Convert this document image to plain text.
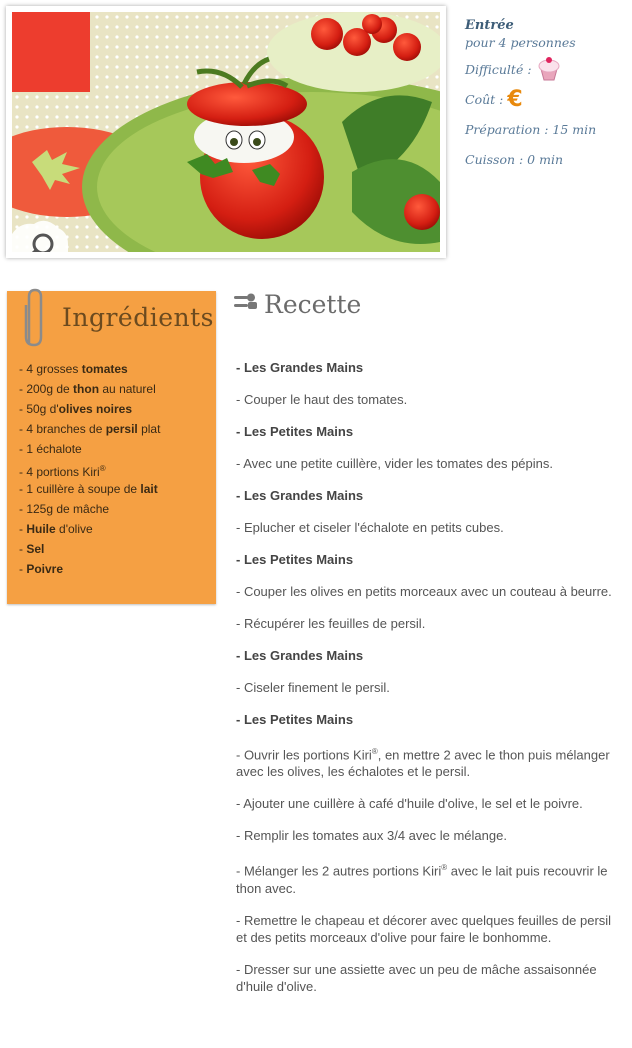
Entrée
pour 4 personnes
Difficulté :
Coût : €
Préparation : 15 min
Cuisson : 0 min
Ingrédients
- 4 grosses tomates
- 200g de thon au naturel
- 50g d'olives noires
- 4 branches de persil plat
- 1 échalote
- 4 portions Kiri®
- 1 cuillère à soupe de lait
- 125g de mâche
- Huile d'olive
- Sel
- Poivre
Recette

- Les Grandes Mains

- Couper le haut des tomates.

- Les Petites Mains

- Avec une petite cuillère, vider les tomates des pépins.

- Les Grandes Mains

- Eplucher et ciseler l'échalote en petits cubes.

- Les Petites Mains

- Couper les olives en petits morceaux avec un couteau à beurre.

- Récupérer les feuilles de persil.

- Les Grandes Mains

- Ciseler finement le persil.

- Les Petites Mains

- Ouvrir les portions Kiri®, en mettre 2 avec le thon puis mélanger avec les olives, les échalotes et le persil.

- Ajouter une cuillère à café d'huile d'olive, le sel et le poivre.

- Remplir les tomates aux 3/4 avec le mélange.

- Mélanger les 2 autres portions Kiri® avec le lait puis recouvrir le thon avec.

- Remettre le chapeau et décorer avec quelques feuilles de persil et des petits morceaux d'olive pour faire le bonhomme.

- Dresser sur une assiette avec un peu de mâche assaisonnée d'huile d'olive.
